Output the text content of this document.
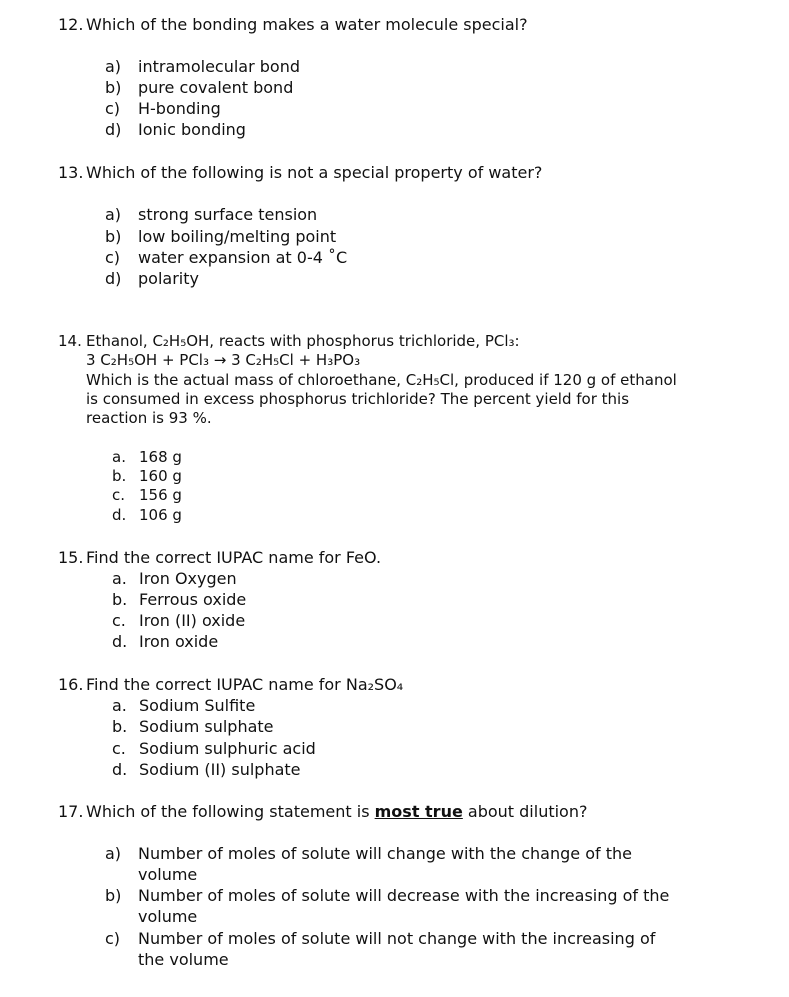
12. Which of the bonding makes a water molecule special?
a) intramolecular bond
b) pure covalent bond
c) H-bonding
d) Ionic bonding
13. Which of the following is not a special property of water?
a) strong surface tension
b) low boiling/melting point
c) water expansion at 0-4 ˚C
d) polarity
14. Ethanol, C₂H₅OH, reacts with phosphorus trichloride, PCl₃:
3 C₂H₅OH + PCl₃ → 3 C₂H₅Cl + H₃PO₃
Which is the actual mass of chloroethane, C₂H₅Cl, produced if 120 g of ethanol
is consumed in excess phosphorus trichloride? The percent yield for this
reaction is 93 %.
a. 168 g
b. 160 g
c. 156 g
d. 106 g
15. Find the correct IUPAC name for FeO.
a. Iron Oxygen
b. Ferrous oxide
c. Iron (II) oxide
d. Iron oxide
16. Find the correct IUPAC name for Na₂SO₄
a. Sodium Sulfite
b. Sodium sulphate
c. Sodium sulphuric acid
d. Sodium (II) sulphate
17. Which of the following statement is most true about dilution?
a) Number of moles of solute will change with the change of the
volume
b) Number of moles of solute will decrease with the increasing of the
volume
c) Number of moles of solute will not change with the increasing of
the volume
